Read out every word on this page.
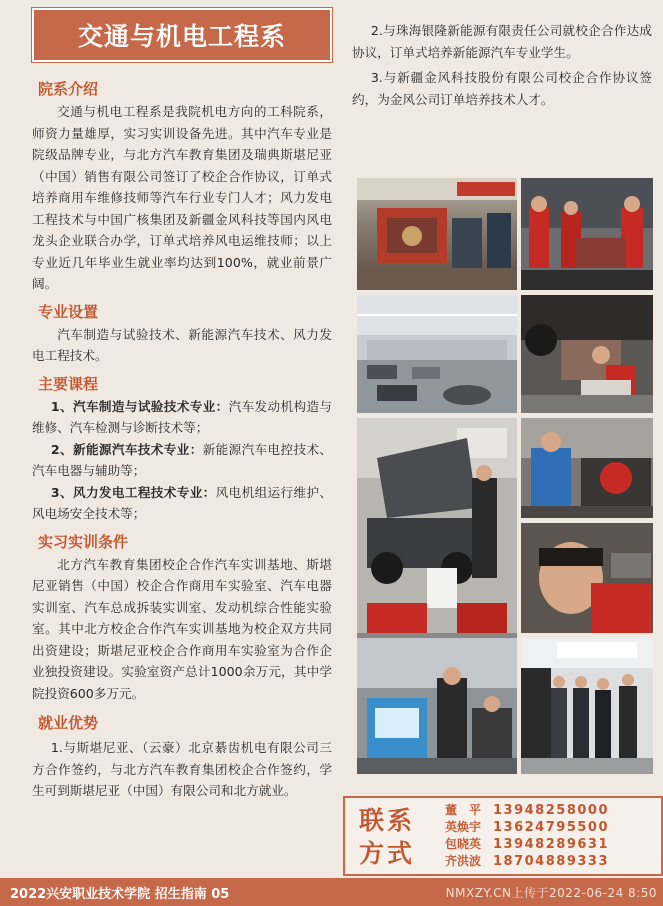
交通与机电工程系
院系介绍

交通与机电工程系是我院机电方向的工科院系，师资力量雄厚，实习实训设备先进。其中汽车专业是院级品牌专业，与北方汽车教育集团及瑞典斯堪尼亚（中国）销售有限公司签订了校企合作协议，订单式培养商用车维修技师等汽车行业专门人才；风力发电工程技术与中国广核集团及新疆金风科技等国内风电龙头企业联合办学，订单式培养风电运维技师；以上专业近几年毕业生就业率均达到100%，就业前景广阔。

专业设置

汽车制造与试验技术、新能源汽车技术、风力发电工程技术。

主要课程

1、汽车制造与试验技术专业：汽车发动机构造与维修、汽车检测与诊断技术等；

2、新能源汽车技术专业：新能源汽车电控技术、汽车电器与辅助等；

3、风力发电工程技术专业：风电机组运行维护、风电场安全技术等；

实习实训条件

北方汽车教育集团校企合作汽车实训基地、斯堪尼亚销售（中国）校企合作商用车实验室、汽车电器实训室、汽车总成拆装实训室、发动机综合性能实验室。其中北方校企合作汽车实训基地为校企双方共同出资建设；斯堪尼亚校企合作商用车实验室为合作企业独投资建设。实验室资产总计1000余万元，其中学院投资600多万元。

就业优势

1.与斯堪尼亚、（云豪）北京綦齿机电有限公司三方合作签约，与北方汽车教育集团校企合作签约，学生可到斯堪尼亚（中国）有限公司和北方就业。

2.与珠海银隆新能源有限责任公司就校企合作达成协议，订单式培养新能源汽车专业学生。

3.与新疆金风科技股份有限公司校企合作协议签约，为金风公司订单培养技术人才。

联系
方式
董　平 13948258000
英焕宇 13624795500
包晓英 13948289631
齐洪波 18704889333
2022兴安职业技术学院 招生指南 05	NMXZY.CN上传于2022-06-24 8:50
